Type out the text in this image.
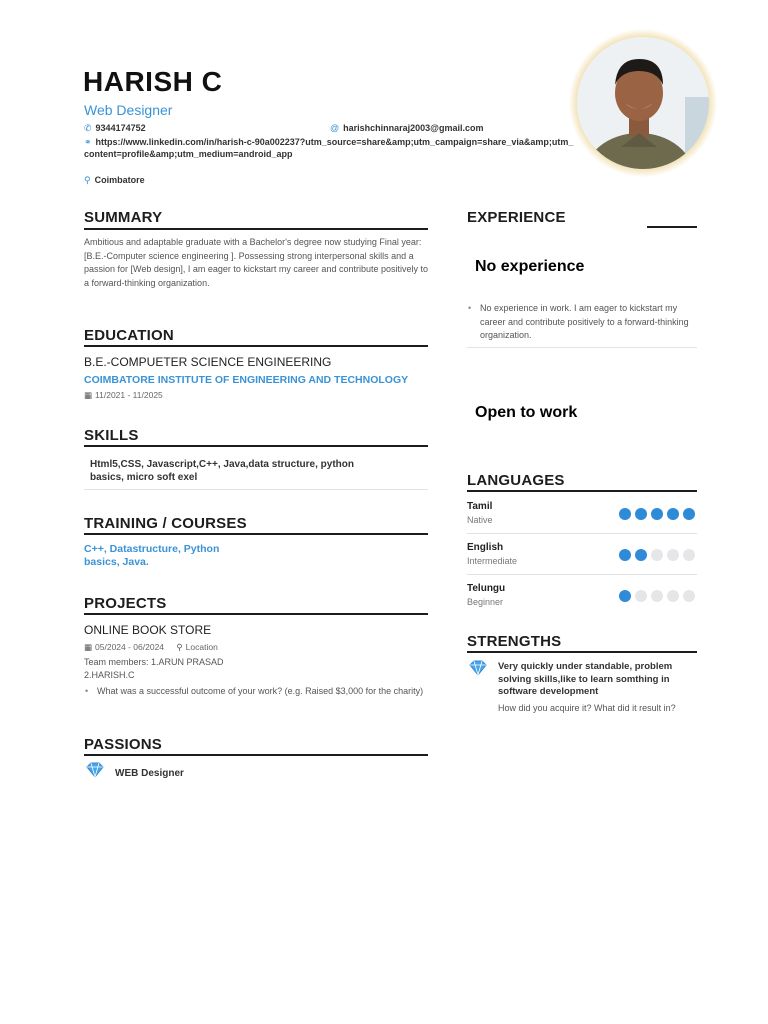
HARISH C
Web Designer
✆ 9344174752	@ harishchinnaraj2003@gmail.com
⚭ https://www.linkedin.com/in/harish-c-90a002237?utm_source=share&amp;utm_campaign=share_via&amp;utm_content=profile&amp;utm_medium=android_app
⚲ Coimbatore
SUMMARY
Ambitious and adaptable graduate with a Bachelor's degree now studying Final year:[B.E.-Computer science engineering ]. Possessing strong interpersonal skills and a passion for [Web design], I am eager to kickstart my career and contribute positively to a forward-thinking organization.
EDUCATION
B.E.-COMPUETER SCIENCE ENGINEERING
COIMBATORE INSTITUTE OF ENGINEERING AND TECHNOLOGY
▦ 11/2021 - 11/2025
SKILLS
Html5,CSS, Javascript,C++, Java,data structure, python basics, micro soft exel
TRAINING / COURSES
C++, Datastructure, Python basics, Java.
PROJECTS
ONLINE BOOK STORE
▦ 05/2024 - 06/2024 ⚲ Location
Team members: 1.ARUN PRASAD
2.HARISH.C
• What was a successful outcome of your work? (e.g. Raised $3,000 for the charity)
PASSIONS
WEB Designer
EXPERIENCE
No experience
• No experience in work. I am eager to kickstart my career and contribute positively to a forward-thinking organization.
Open to work
LANGUAGES
Tamil
Native
English
Intermediate
Telungu
Beginner
STRENGTHS
Very quickly under standable, problem solving skills,like to learn somthing in software development
How did you acquire it? What did it result in?
